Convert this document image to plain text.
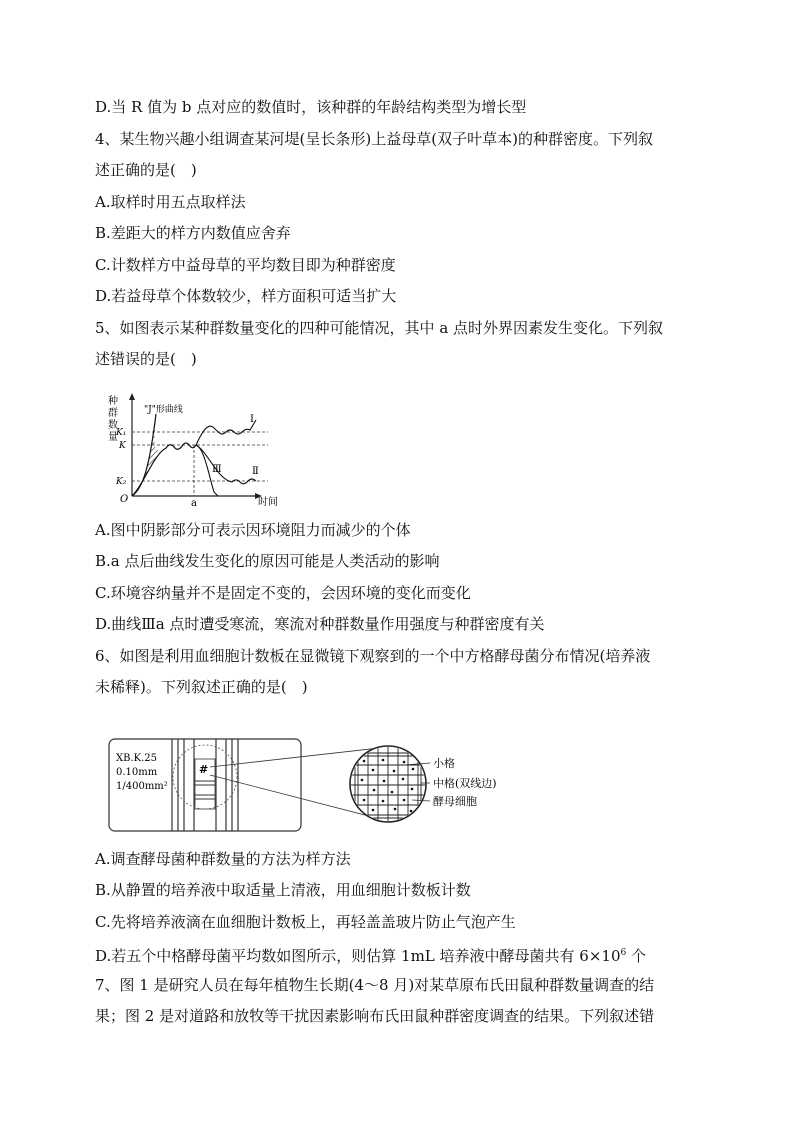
D.当 R 值为 b 点对应的数值时，该种群的年龄结构类型为增长型
4、某生物兴趣小组调查某河堤(呈长条形)上益母草(双子叶草本)的种群密度。下列叙
述正确的是(　)
A.取样时用五点取样法
B.差距大的样方内数值应舍弃
C.计数样方中益母草的平均数目即为种群密度
D.若益母草个体数较少，样方面积可适当扩大
5、如图表示某种群数量变化的四种可能情况，其中 a 点时外界因素发生变化。下列叙
述错误的是(　)
种
群
数
量
O	时间
K₁
K
K₂
a
"J"形曲线
Ⅰ
Ⅱ
Ⅲ
A.图中阴影部分可表示因环境阻力而减少的个体
B.a 点后曲线发生变化的原因可能是人类活动的影响
C.环境容纳量并不是固定不变的，会因环境的变化而变化
D.曲线Ⅲa 点时遭受寒流，寒流对种群数量作用强度与种群密度有关
6、如图是利用血细胞计数板在显微镜下观察到的一个中方格酵母菌分布情况(培养液
未稀释)。下列叙述正确的是(　)
XB.K.25
0.10mm
1/400mm²
#	小格
中格(双线边)
酵母细胞
A.调查酵母菌种群数量的方法为样方法
B.从静置的培养液中取适量上清液，用血细胞计数板计数
C.先将培养液滴在血细胞计数板上，再轻盖盖玻片防止气泡产生
D.若五个中格酵母菌平均数如图所示，则估算 1mL 培养液中酵母菌共有 $6\times 10^6$ 个
7、图 1 是研究人员在每年植物生长期(4～8 月)对某草原布氏田鼠种群数量调查的结
果；图 2 是对道路和放牧等干扰因素影响布氏田鼠种群密度调查的结果。下列叙述错
